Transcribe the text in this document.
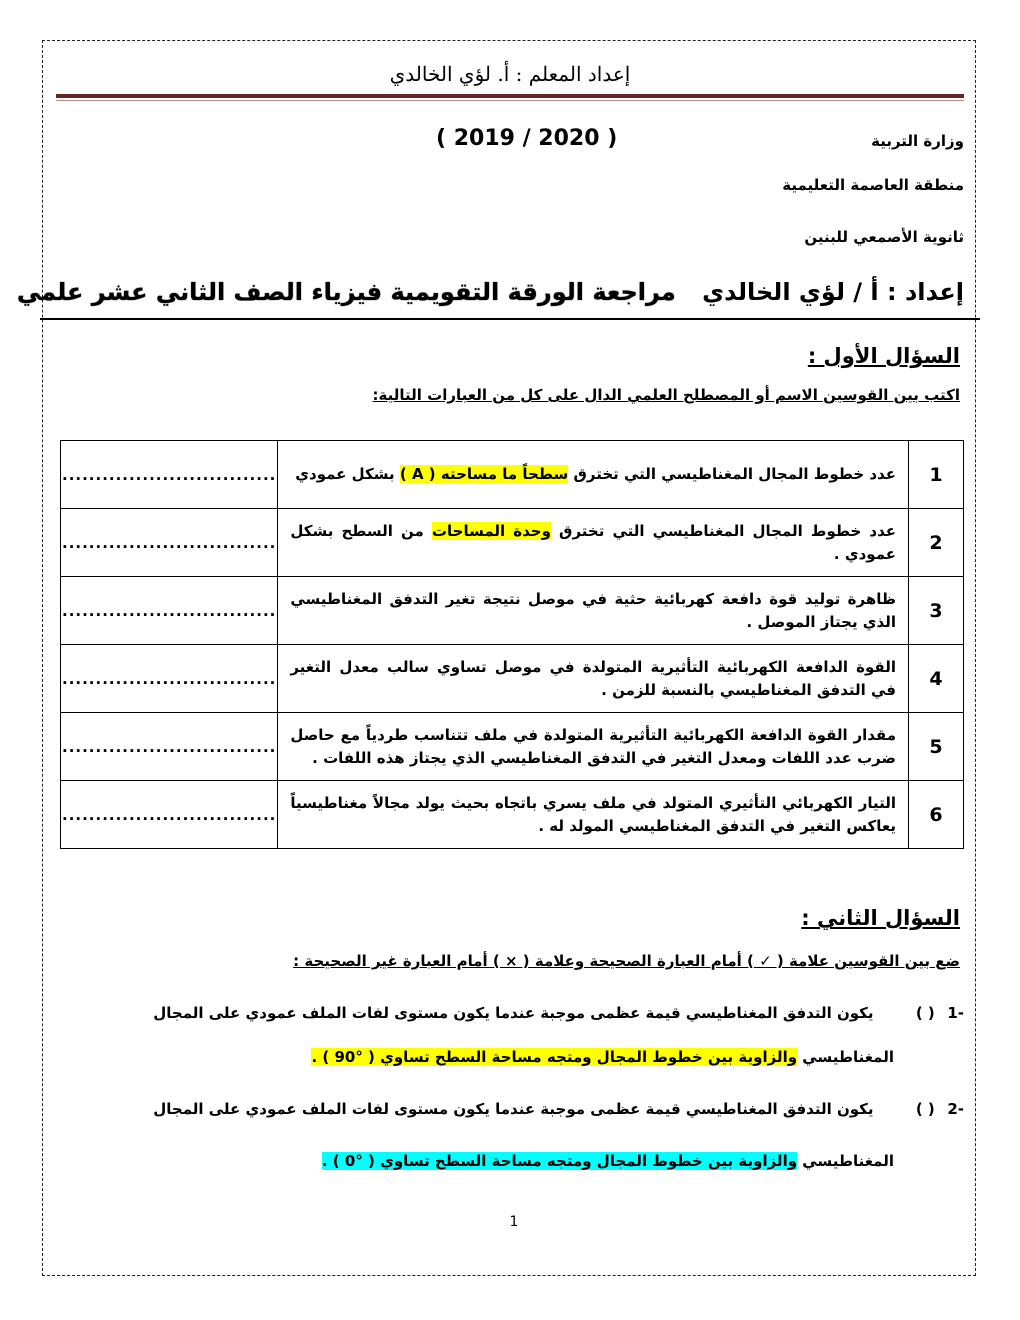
إعداد المعلم : أ. لؤي الخالدي
وزارة التربية
( 2019 / 2020 )
منطقة العاصمة التعليمية
ثانوية الأصمعي للبنين
إعداد : أ / لؤي الخالدي مراجعة الورقة التقويمية فيزياء الصف الثاني عشر علمي
السؤال الأول :
اكتب بين القوسين الاسم أو المصطلح العلمي الدال على كل من العبارات التالية:
1	عدد خطوط المجال المغناطيسي التي تخترق سطحاً ما مساحته ( A ) بشكل عمودي	................................
2	عدد خطوط المجال المغناطيسي التي تخترق وحدة المساحات من السطح بشكل عمودي .	................................
3	ظاهرة توليد قوة دافعة كهربائية حثية في موصل نتيجة تغير التدفق المغناطيسي الذي يجتاز الموصل .	................................
4	القوة الدافعة الكهربائية التأثيرية المتولدة في موصل تساوي سالب معدل التغير في التدفق المغناطيسي بالنسبة للزمن .	................................
5	مقدار القوة الدافعة الكهربائية التأثيرية المتولدة في ملف تتناسب طردياً مع حاصل ضرب عدد اللفات ومعدل التغير في التدفق المغناطيسي الذي يجتاز هذه اللفات .	................................
6	التيار الكهربائي التأثيري المتولد في ملف يسري باتجاه بحيث يولد مجالاً مغناطيسياً يعاكس التغير في التدفق المغناطيسي المولد له .	................................
السؤال الثاني :
ضع بين القوسين علامة ( ✓ ) أمام العبارة الصحيحة وعلامة ( × ) أمام العبارة غير الصحيحة :
-1 ( ) يكون التدفق المغناطيسي قيمة عظمى موجبة عندما يكون مستوى لفات الملف عمودي على المجال
المغناطيسي والزاوية بين خطوط المجال ومتجه مساحة السطح تساوي ( °90 ) .
-2 ( ) يكون التدفق المغناطيسي قيمة عظمى موجبة عندما يكون مستوى لفات الملف عمودي على المجال
المغناطيسي والزاوية بين خطوط المجال ومتجه مساحة السطح تساوي ( °0 ) .
1
